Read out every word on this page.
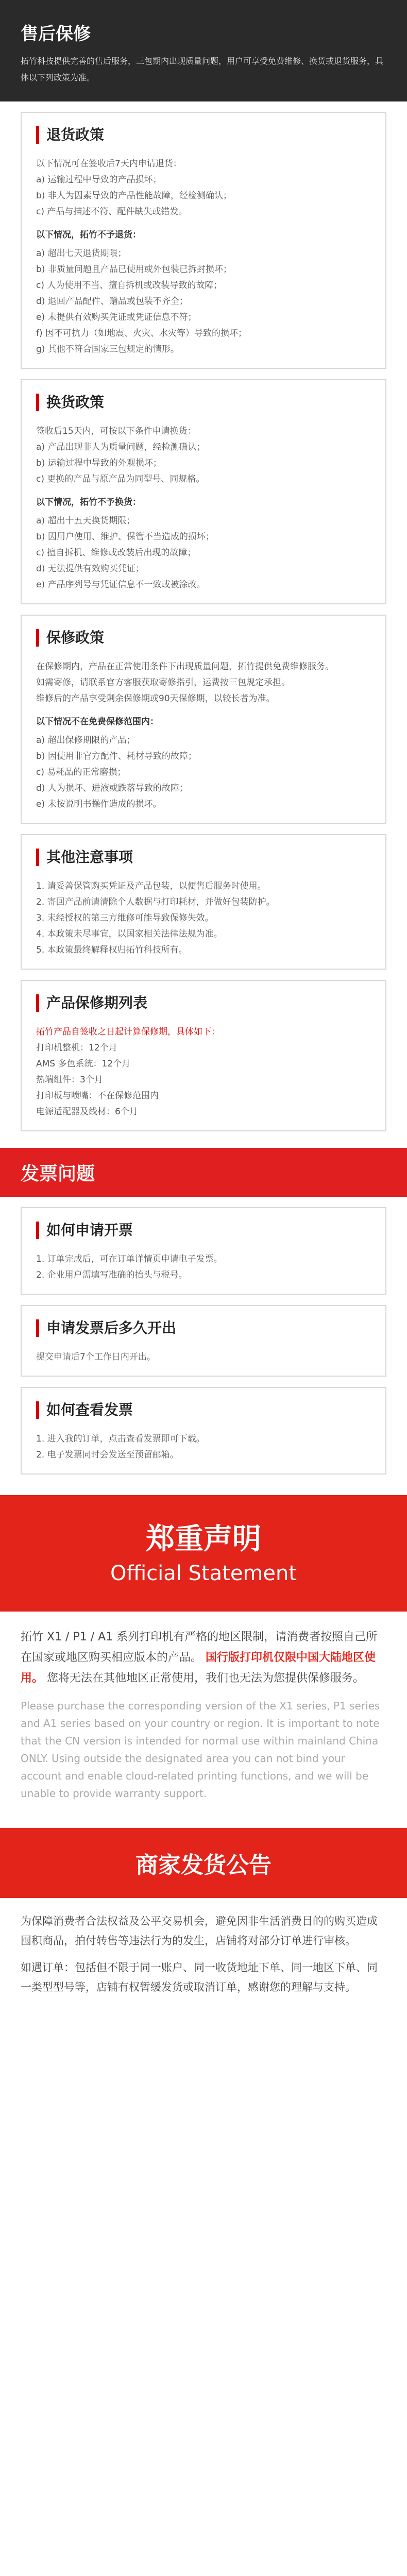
售后保修

拓竹科技提供完善的售后服务，三包期内出现质量问题，用户可享受免费维修、换货或退货服务，具体以下列政策为准。

退货政策

以下情况可在签收后7天内申请退货：

a) 运输过程中导致的产品损坏；

b) 非人为因素导致的产品性能故障，经检测确认；

c) 产品与描述不符、配件缺失或错发。

以下情况，拓竹不予退货：

a) 超出七天退货期限；

b) 非质量问题且产品已使用或外包装已拆封损坏；

c) 人为使用不当、擅自拆机或改装导致的故障；

d) 退回产品配件、赠品或包装不齐全；

e) 未提供有效购买凭证或凭证信息不符；

f) 因不可抗力（如地震、火灾、水灾等）导致的损坏；

g) 其他不符合国家三包规定的情形。

换货政策

签收后15天内，可按以下条件申请换货：

a) 产品出现非人为质量问题，经检测确认；

b) 运输过程中导致的外观损坏；

c) 更换的产品与原产品为同型号、同规格。

以下情况，拓竹不予换货：

a) 超出十五天换货期限；

b) 因用户使用、维护、保管不当造成的损坏；

c) 擅自拆机、维修或改装后出现的故障；

d) 无法提供有效购买凭证；

e) 产品序列号与凭证信息不一致或被涂改。

保修政策

在保修期内，产品在正常使用条件下出现质量问题，拓竹提供免费维修服务。

如需寄修，请联系官方客服获取寄修指引，运费按三包规定承担。

维修后的产品享受剩余保修期或90天保修期，以较长者为准。

以下情况不在免费保修范围内：

a) 超出保修期限的产品；

b) 因使用非官方配件、耗材导致的故障；

c) 易耗品的正常磨损；

d) 人为损坏、进液或跌落导致的故障；

e) 未按说明书操作造成的损坏。

其他注意事项

1. 请妥善保管购买凭证及产品包装，以便售后服务时使用。

2. 寄回产品前请清除个人数据与打印耗材，并做好包装防护。

3. 未经授权的第三方维修可能导致保修失效。

4. 本政策未尽事宜，以国家相关法律法规为准。

5. 本政策最终解释权归拓竹科技所有。

产品保修期列表

拓竹产品自签收之日起计算保修期，具体如下：

打印机整机：12个月

AMS 多色系统：12个月

热端组件：3个月

打印板与喷嘴：不在保修范围内

电源适配器及线材：6个月

发票问题
如何申请开票

1. 订单完成后，可在订单详情页申请电子发票。

2. 企业用户需填写准确的抬头与税号。

申请发票后多久开出

提交申请后7个工作日内开出。

如何查看发票

1. 进入我的订单，点击查看发票即可下载。

2. 电子发票同时会发送至预留邮箱。

郑重声明
Official Statement

拓竹 X1 / P1 / A1 系列打印机有严格的地区限制，请消费者按照自己所在国家或地区购买相应版本的产品。 国行版打印机仅限中国大陆地区使用。 您将无法在其他地区正常使用，我们也无法为您提供保修服务。

Please purchase the corresponding version of the X1 series, P1 series and A1 series based on your country or region. It is important to note that the CN version is intended for normal use within mainland China ONLY. Using outside the designated area you can not bind your account and enable cloud-related printing functions, and we will be unable to provide warranty support.

商家发货公告

为保障消费者合法权益及公平交易机会，避免因非生活消费目的的购买造成囤积商品，拍付转售等违法行为的发生，店铺将对部分订单进行审核。

如遇订单：包括但不限于同一账户、同一收货地址下单、同一地区下单、同一类型型号等，店铺有权暂缓发货或取消订单，感谢您的理解与支持。
